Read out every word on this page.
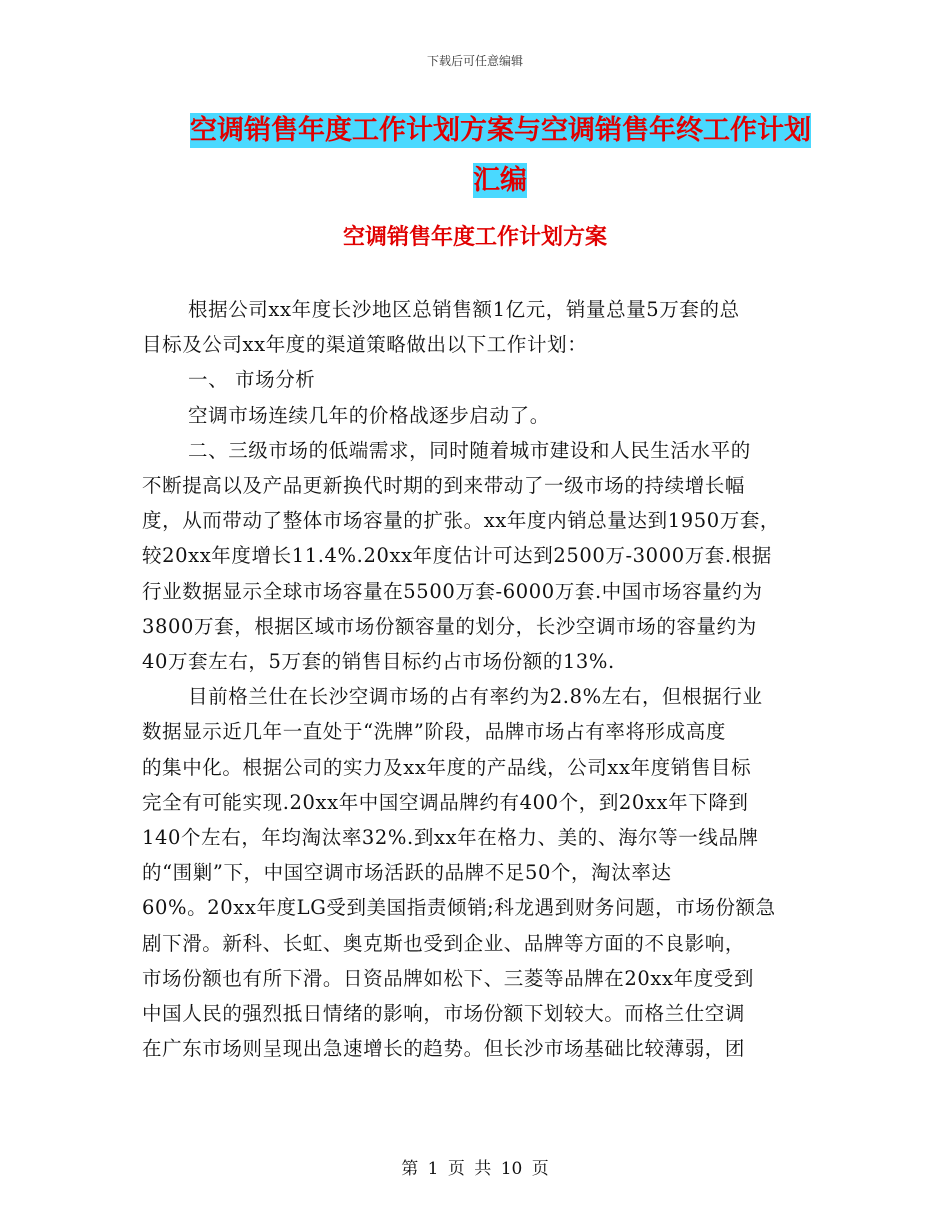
下载后可任意编辑
空调销售年度工作计划方案与空调销售年终工作计划
汇编
空调销售年度工作计划方案
根据公司xx年度长沙地区总销售额1亿元，销量总量5万套的总
目标及公司xx年度的渠道策略做出以下工作计划：
一、 市场分析
空调市场连续几年的价格战逐步启动了。
二、三级市场的低端需求，同时随着城市建设和人民生活水平的
不断提高以及产品更新换代时期的到来带动了一级市场的持续增长幅
度，从而带动了整体市场容量的扩张。xx年度内销总量达到1950万套，
较20xx年度增长11.4%.20xx年度估计可达到2500万-3000万套.根据
行业数据显示全球市场容量在5500万套-6000万套.中国市场容量约为
3800万套，根据区域市场份额容量的划分，长沙空调市场的容量约为
40万套左右，5万套的销售目标约占市场份额的13%.
目前格兰仕在长沙空调市场的占有率约为2.8%左右，但根据行业
数据显示近几年一直处于“洗牌”阶段，品牌市场占有率将形成高度
的集中化。根据公司的实力及xx年度的产品线，公司xx年度销售目标
完全有可能实现.20xx年中国空调品牌约有400个，到20xx年下降到
140个左右，年均淘汰率32%.到xx年在格力、美的、海尔等一线品牌
的“围剿”下，中国空调市场活跃的品牌不足50个，淘汰率达
60%。20xx年度LG受到美国指责倾销;科龙遇到财务问题，市场份额急
剧下滑。新科、长虹、奥克斯也受到企业、品牌等方面的不良影响，
市场份额也有所下滑。日资品牌如松下、三菱等品牌在20xx年度受到
中国人民的强烈抵日情绪的影响，市场份额下划较大。而格兰仕空调
在广东市场则呈现出急速增长的趋势。但长沙市场基础比较薄弱，团
第 1 页 共 10 页
